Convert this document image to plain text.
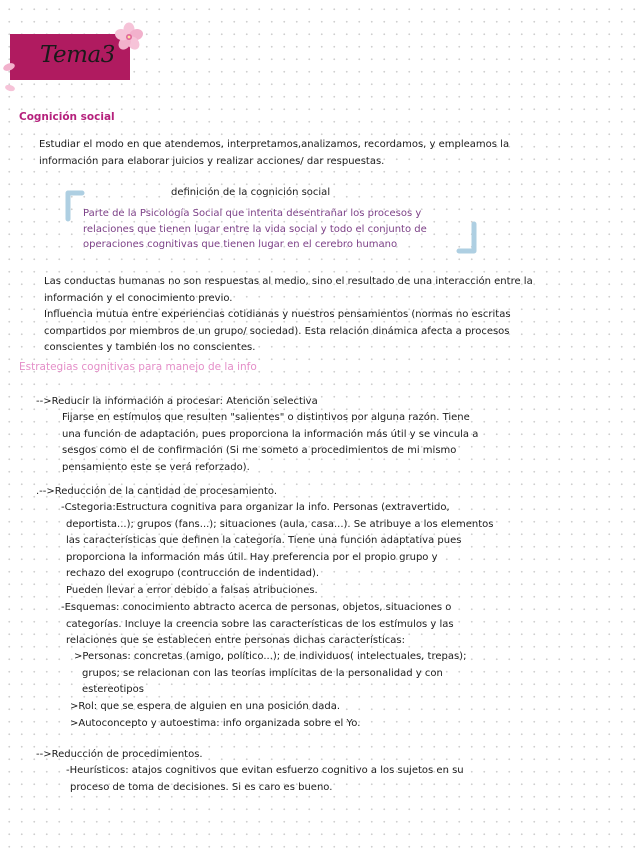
Tema3
Cognición social
Estudiar el modo en que atendemos, interpretamos,analizamos, recordamos, y empleamos la
información para elaborar juicios y realizar acciones/ dar respuestas.
definición de la cognición social
Parte de la Psicología Social que intenta desentrañar los procesos y
relaciones que tienen lugar entre la vida social y todo el conjunto de
operaciones cognitivas que tienen lugar en el cerebro humano
Las conductas humanas no son respuestas al medio, sino el resultado de una interacción entre la
información y el conocimiento previo.
Influencia mutua entre experiencias cotidianas y nuestros pensamientos (normas no escritas
compartidos por miembros de un grupo/ sociedad). Esta relación dinámica afecta a procesos
conscientes y también los no conscientes.
Estrategias cognitivas para manejo de la info
-->Reducir la información a procesar: Atención selectiva
Fijarse en estímulos que resulten "salientes" o distintivos por alguna razón. Tiene
una función de adaptación, pues proporciona la información más útil y se vincula a
sesgos como el de confirmación (Si me someto a procedimientos de mi mismo
pensamiento este se verá reforzado).
.-->Reducción de la cantidad de procesamiento.
-Cstegoria:Estructura cognitiva para organizar la info. Personas (extravertido,
deportista...); grupos (fans...); situaciones (aula, casa...). Se atribuye a los elementos
las características que definen la categoría. Tiene una función adaptativa pues
proporciona la información más útil. Hay preferencia por el propio grupo y
rechazo del exogrupo (contrucción de indentidad).
Pueden llevar a error debido a falsas atribuciones.
-Esquemas: conocimiento abtracto acerca de personas, objetos, situaciones o
categorías. Incluye la creencia sobre las características de los estímulos y las
relaciones que se establecen entre personas dichas características:
>Personas: concretas (amigo, político...); de individuos( intelectuales, trepas);
grupos; se relacionan con las teorías implícitas de la personalidad y con
estereotipos
>Rol: que se espera de alguien en una posición dada.
>Autoconcepto y autoestima: info organizada sobre el Yo.
-->Reducción de procedimientos.
-Heurísticos: atajos cognitivos que evitan esfuerzo cognitivo a los sujetos en su
proceso de toma de decisiones. Si es caro es bueno.
